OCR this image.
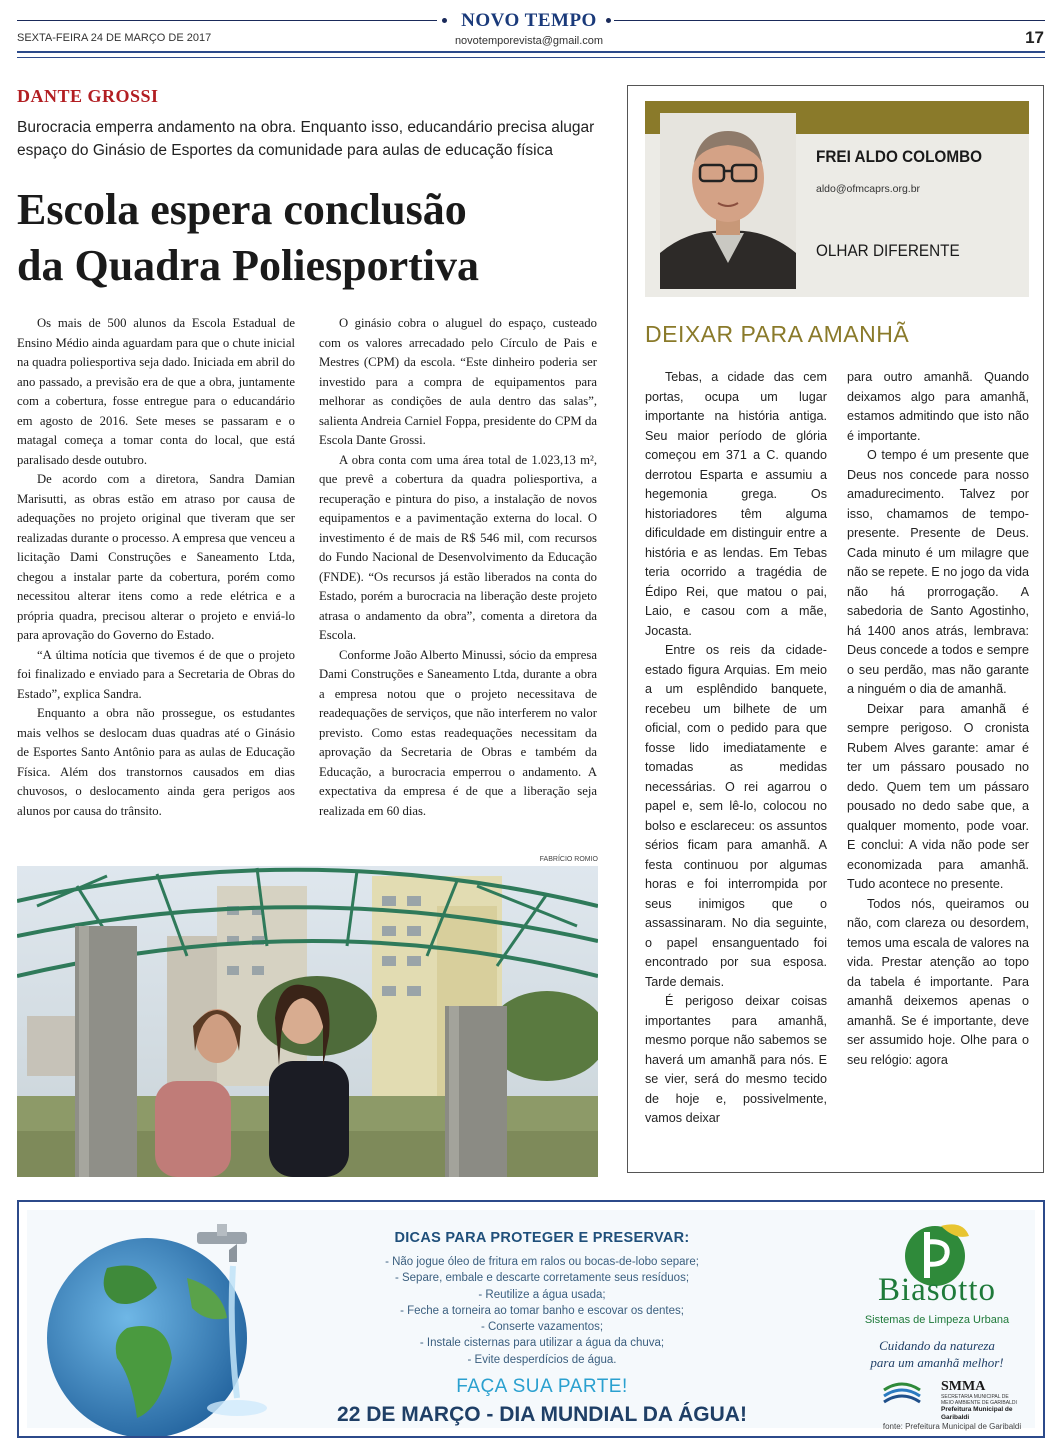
NOVO TEMPO
SEXTA-FEIRA 24 DE MARÇO DE 2017	novotemporevista@gmail.com	17
DANTE GROSSI
Burocracia emperra andamento na obra. Enquanto isso, educandário precisa alugar espaço do Ginásio de Esportes da comunidade para aulas de educação física
Escola espera conclusão
da Quadra Poliesportiva

Os mais de 500 alunos da Escola Estadual de Ensino Médio ainda aguardam para que o chute inicial na quadra poliesportiva seja dado. Iniciada em abril do ano passado, a previsão era de que a obra, juntamente com a cobertura, fosse entregue para o educandário em agosto de 2016. Sete meses se passaram e o matagal começa a tomar conta do local, que está paralisado desde outubro.

De acordo com a diretora, Sandra Damian Marisutti, as obras estão em atraso por causa de adequações no projeto original que tiveram que ser realizadas durante o processo. A empresa que venceu a licitação Dami Construções e Saneamento Ltda, chegou a instalar parte da cobertura, porém como necessitou alterar itens como a rede elétrica e a própria quadra, precisou alterar o projeto e enviá-lo para aprovação do Governo do Estado.

“A última notícia que tivemos é de que o projeto foi finalizado e enviado para a Secretaria de Obras do Estado”, explica Sandra.

Enquanto a obra não prossegue, os estudantes mais velhos se deslocam duas quadras até o Ginásio de Esportes Santo Antônio para as aulas de Educação Física. Além dos transtornos causados em dias chuvosos, o deslocamento ainda gera perigos aos alunos por causa do trânsito.

O ginásio cobra o aluguel do espaço, custeado com os valores arrecadado pelo Círculo de Pais e Mestres (CPM) da escola. “Este dinheiro poderia ser investido para a compra de equipamentos para melhorar as condições de aula dentro das salas”, salienta Andreia Carniel Foppa, presidente do CPM da Escola Dante Grossi.

A obra conta com uma área total de 1.023,13 m², que prevê a cobertura da quadra poliesportiva, a recuperação e pintura do piso, a instalação de novos equipamentos e a pavimentação externa do local. O investimento é de mais de R$ 546 mil, com recursos do Fundo Nacional de Desenvolvimento da Educação (FNDE). “Os recursos já estão liberados na conta do Estado, porém a burocracia na liberação deste projeto atrasa o andamento da obra”, comenta a diretora da Escola.

Conforme João Alberto Minussi, sócio da empresa Dami Construções e Saneamento Ltda, durante a obra a empresa notou que o projeto necessitava de readequações de serviços, que não interferem no valor previsto. Como estas readequações necessitam da aprovação da Secretaria de Obras e também da Educação, a burocracia emperrou o andamento. A expectativa da empresa é de que a liberação seja realizada em 60 dias.

FABRÍCIO ROMIO
FREI ALDO COLOMBO
aldo@ofmcaprs.org.br
OLHAR DIFERENTE
DEIXAR PARA AMANHÃ

Tebas, a cidade das cem portas, ocupa um lugar importante na história antiga. Seu maior período de glória começou em 371 a C. quando derrotou Esparta e assumiu a hegemonia grega. Os historiadores têm alguma dificuldade em distinguir entre a história e as lendas. Em Tebas teria ocorrido a tragédia de Édipo Rei, que matou o pai, Laio, e casou com a mãe, Jocasta.

Entre os reis da cidade-estado figura Arquias. Em meio a um esplêndido banquete, recebeu um bilhete de um oficial, com o pedido para que fosse lido imediatamente e tomadas as medidas necessárias. O rei agarrou o papel e, sem lê-lo, colocou no bolso e esclareceu: os assuntos sérios ficam para amanhã. A festa continuou por algumas horas e foi interrompida por seus inimigos que o assassinaram. No dia seguinte, o papel ensanguentado foi encontrado por sua esposa. Tarde demais.

É perigoso deixar coisas importantes para amanhã, mesmo porque não sabemos se haverá um amanhã para nós. E se vier, será do mesmo tecido de hoje e, possivelmente, vamos deixar

para outro amanhã. Quando deixamos algo para amanhã, estamos admitindo que isto não é importante.

O tempo é um presente que Deus nos concede para nosso amadurecimento. Talvez por isso, chamamos de tempo-presente. Presente de Deus. Cada minuto é um milagre que não se repete. E no jogo da vida não há prorrogação. A sabedoria de Santo Agostinho, há 1400 anos atrás, lembrava: Deus concede a todos e sempre o seu perdão, mas não garante a ninguém o dia de amanhã.

Deixar para amanhã é sempre perigoso. O cronista Rubem Alves garante: amar é ter um pássaro pousado no dedo. Quem tem um pássaro pousado no dedo sabe que, a qualquer momento, pode voar. E conclui: A vida não pode ser economizada para amanhã. Tudo acontece no presente.

Todos nós, queiramos ou não, com clareza ou desordem, temos uma escala de valores na vida. Prestar atenção ao topo da tabela é importante. Para amanhã deixemos apenas o amanhã. Se é importante, deve ser assumido hoje. Olhe para o seu relógio: agora

DICAS PARA PROTEGER E PRESERVAR:
- Não jogue óleo de fritura em ralos ou bocas-de-lobo separe;
- Separe, embale e descarte corretamente seus resíduos;
- Reutilize a água usada;
- Feche a torneira ao tomar banho e escovar os dentes;
- Conserte vazamentos;
- Instale cisternas para utilizar a água da chuva;
- Evite desperdícios de água.
FAÇA SUA PARTE!
22 DE MARÇO - DIA MUNDIAL DA ÁGUA!
Biasotto
Sistemas de Limpeza Urbana
Cuidando da natureza
para um amanhã melhor!
SMMA
SECRETARIA MUNICIPAL DE MEIO AMBIENTE DE GARIBALDI
Prefeitura Municipal de Garibaldi
fonte: Prefeitura Municipal de Garibaldi
